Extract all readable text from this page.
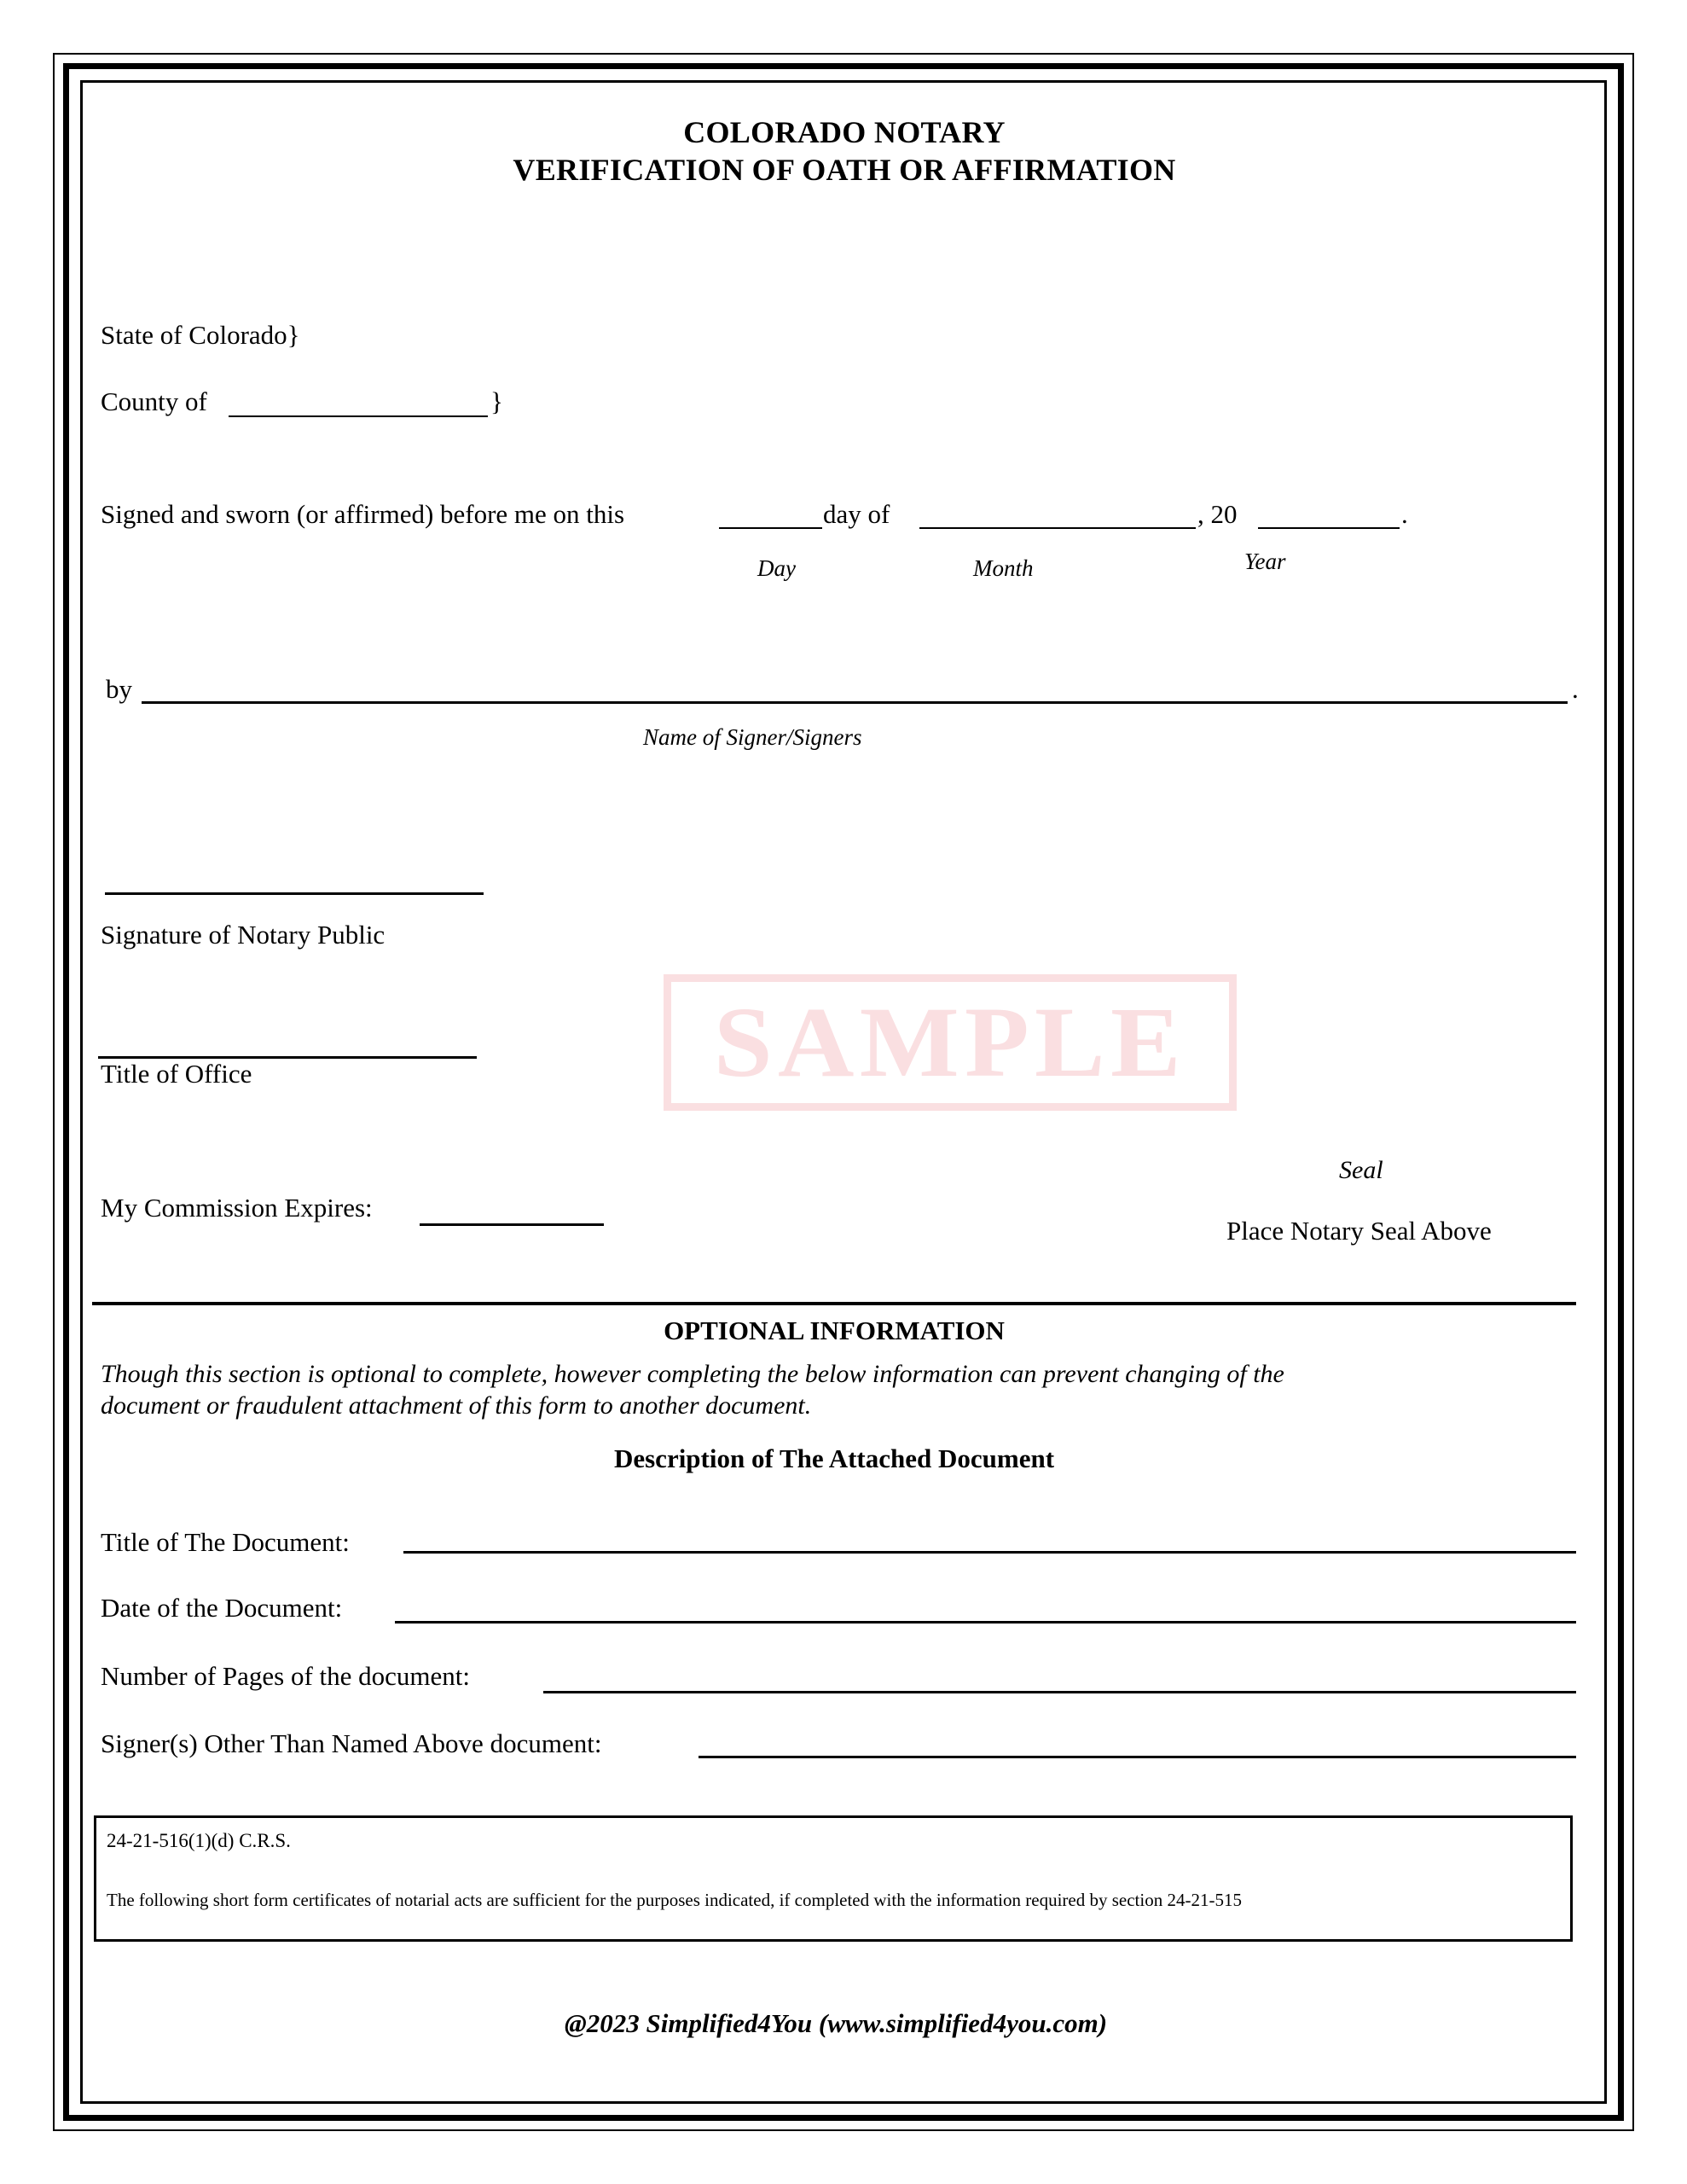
COLORADO NOTARY
VERIFICATION OF OATH OR AFFIRMATION
State of Colorado}
County of	}
Signed and sworn (or affirmed) before me on this	day of	, 20	.
Day	Month	Year
by	.
Name of Signer/Signers
Signature of Notary Public
Title of Office	SAMPLE
Seal
Place Notary Seal Above
My Commission Expires:
OPTIONAL INFORMATION
Though this section is optional to complete, however completing the below information can prevent changing of the
document or fraudulent attachment of this form to another document.
Description of The Attached Document
Title of The Document:
Date of the Document:
Number of Pages of the document:
Signer(s) Other Than Named Above document:
24-21-516(1)(d) C.R.S.
The following short form certificates of notarial acts are sufficient for the purposes indicated, if completed with the information required by section 24-21-515
@2023 Simplified4You (www.simplified4you.com)
